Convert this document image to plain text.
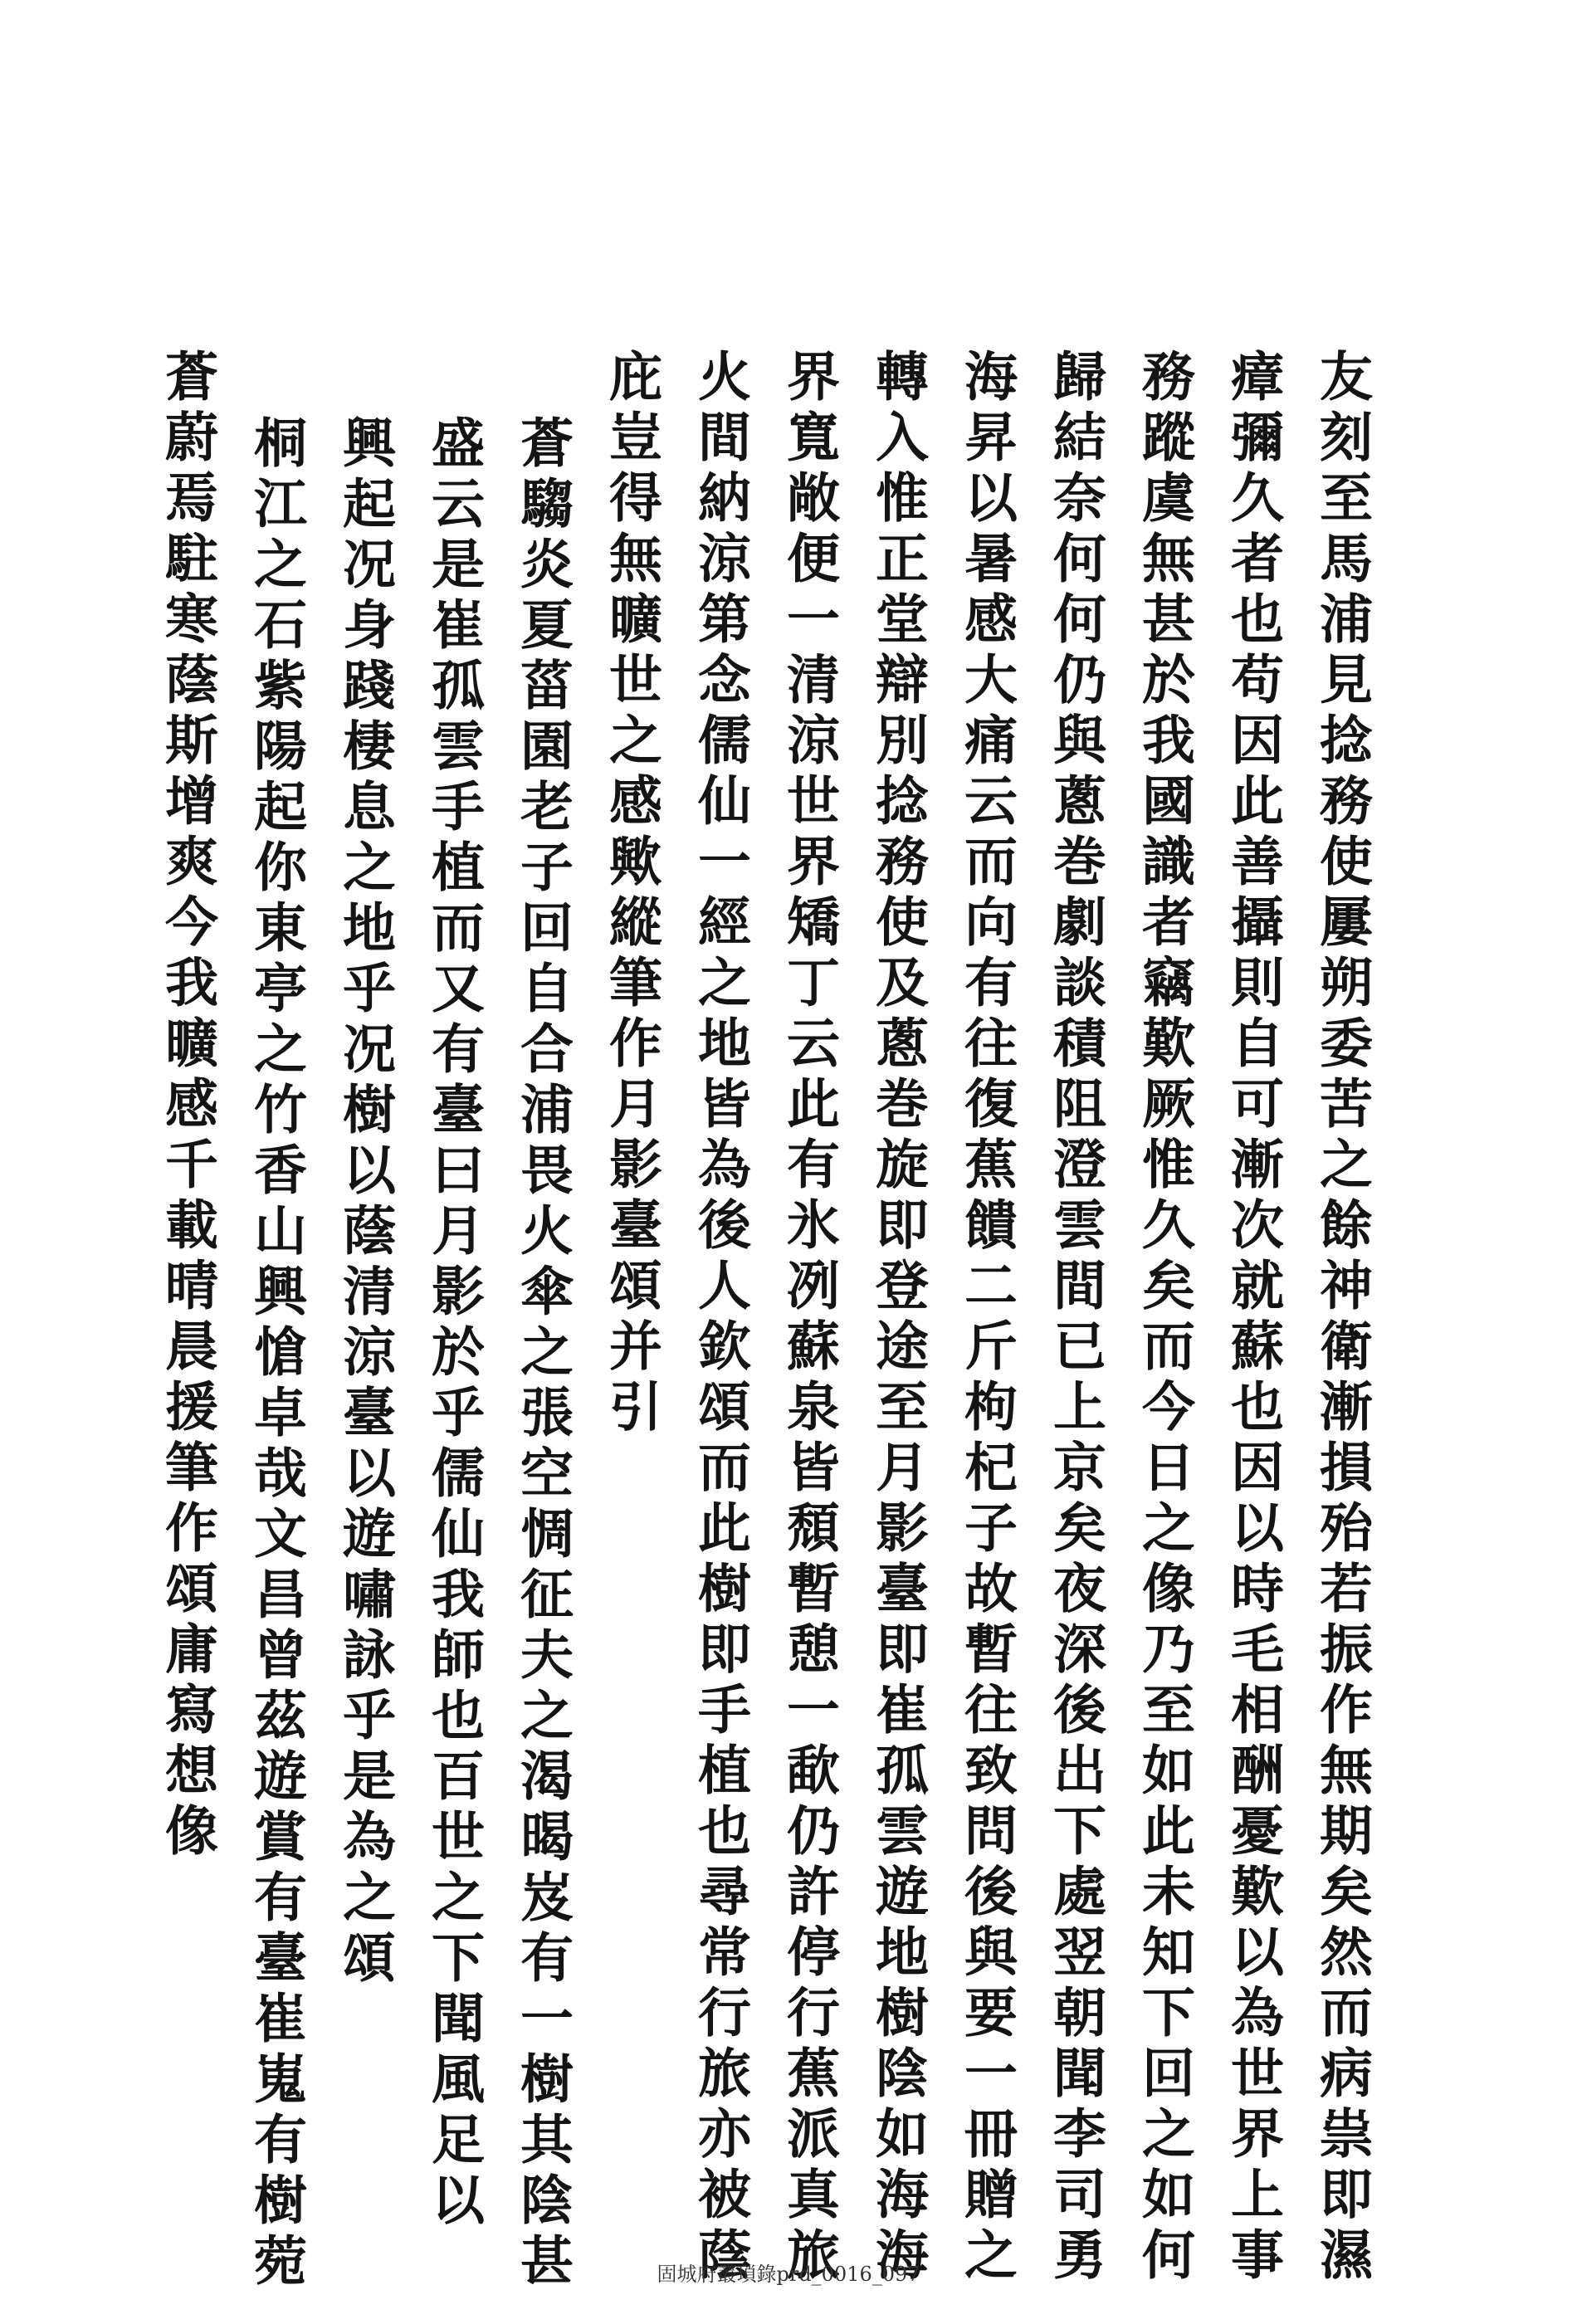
友刻至馬浦見捻務使屢朔委苦之餘神衛漸損殆若振作無期矣然而病祟即濕
瘴彌久者也苟因此善攝則自可漸次就蘇也因以時毛相酬憂歎以為世界上事
務蹤虞無甚於我國識者竊歎厥惟久矣而今日之像乃至如此未知下回之如何
歸結奈何何仍與蔥巻劇談積阻澄雲間已上京矣夜深後出下處翌朝聞李司勇
海昇以暑感大痛云而向有往復蕉饋二斤枸杞子故暫往致問後與要一冊贈之
轉入惟正堂辯別捻務使及蔥巻旋即登途至月影臺即崔孤雲遊地樹陰如海海
界寬敞便一清涼世界矯丁云此有氷冽蘇泉皆頹暫憩一歃仍許停行蕉派真旅
火間納涼第念儒仙一經之地皆為後人欽頌而此樹即手植也尋常行旅亦被蔭
庇豈得無曠世之感歟縱筆作月影臺頌并引
蒼騶炎夏菑園老子回自合浦畏火傘之張空惆征夫之渴暍岌有一樹其陰甚
盛云是崔孤雲手植而又有臺曰月影於乎儒仙我師也百世之下聞風足以
興起况身踐棲息之地乎况樹以蔭清涼臺以遊嘯詠乎是為之頌
桐江之石紫陽起你東亭之竹香山興愴卓哉文昌曾茲遊賞有臺崔嵬有樹菀
蒼蔚焉駐寒蔭斯增爽今我曠感千載晴晨援筆作頌庸寫想像
固城府叢瑣錄prd_0016_097
